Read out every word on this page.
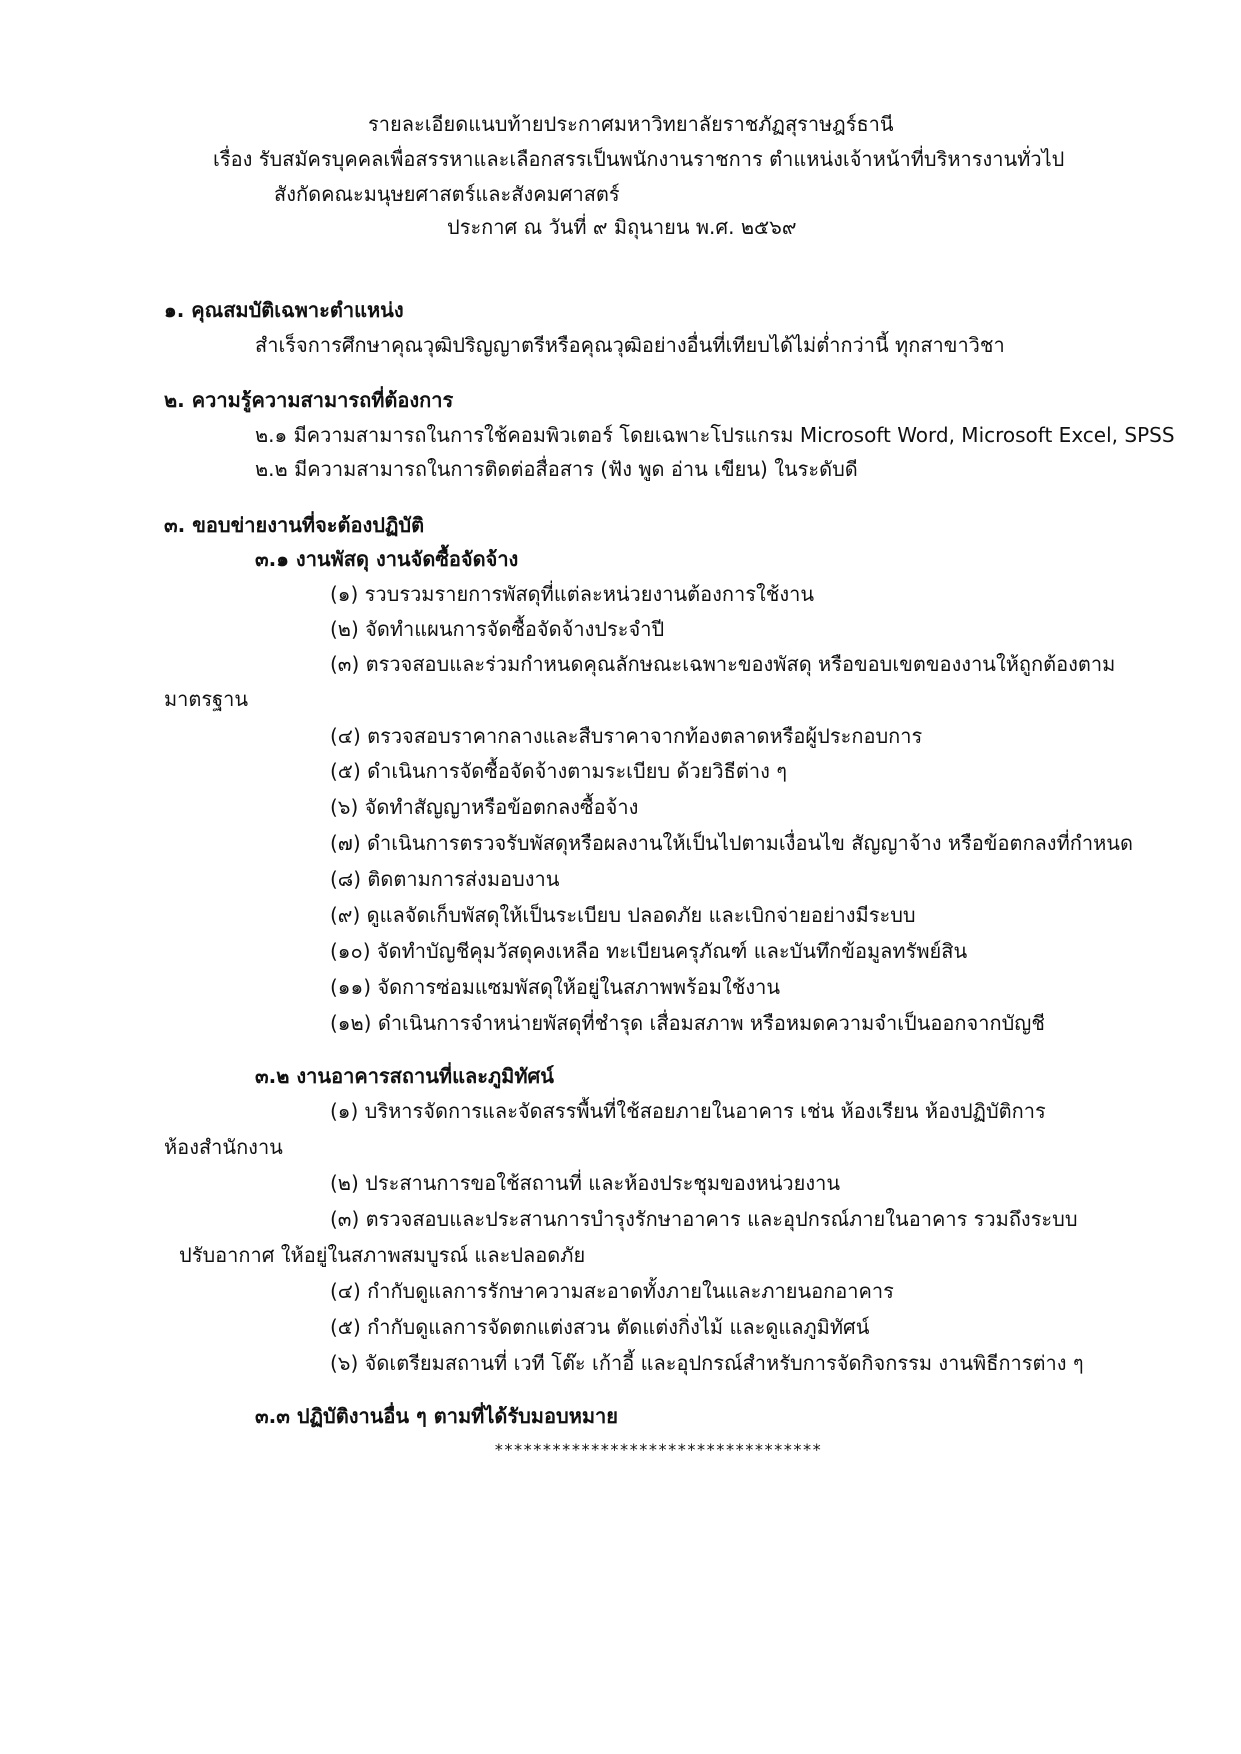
รายละเอียดแนบท้ายประกาศมหาวิทยาลัยราชภัฏสุราษฎร์ธานี
เรื่อง รับสมัครบุคคลเพื่อสรรหาและเลือกสรรเป็นพนักงานราชการ ตำแหน่งเจ้าหน้าที่บริหารงานทั่วไป
สังกัดคณะมนุษยศาสตร์และสังคมศาสตร์
ประกาศ ณ วันที่ ๙ มิถุนายน พ.ศ. ๒๕๖๙
๑. คุณสมบัติเฉพาะตำแหน่ง
สำเร็จการศึกษาคุณวุฒิปริญญาตรีหรือคุณวุฒิอย่างอื่นที่เทียบได้ไม่ต่ำกว่านี้ ทุกสาขาวิชา
๒. ความรู้ความสามารถที่ต้องการ
๒.๑ มีความสามารถในการใช้คอมพิวเตอร์ โดยเฉพาะโปรแกรม Microsoft Word, Microsoft Excel, SPSS
๒.๒ มีความสามารถในการติดต่อสื่อสาร (ฟัง พูด อ่าน เขียน) ในระดับดี
๓. ขอบข่ายงานที่จะต้องปฏิบัติ
๓.๑ งานพัสดุ งานจัดซื้อจัดจ้าง
(๑) รวบรวมรายการพัสดุที่แต่ละหน่วยงานต้องการใช้งาน
(๒) จัดทำแผนการจัดซื้อจัดจ้างประจำปี
(๓) ตรวจสอบและร่วมกำหนดคุณลักษณะเฉพาะของพัสดุ หรือขอบเขตของงานให้ถูกต้องตาม
มาตรฐาน
(๔) ตรวจสอบราคากลางและสืบราคาจากท้องตลาดหรือผู้ประกอบการ
(๕) ดำเนินการจัดซื้อจัดจ้างตามระเบียบ ด้วยวิธีต่าง ๆ
(๖) จัดทำสัญญาหรือข้อตกลงซื้อจ้าง
(๗) ดำเนินการตรวจรับพัสดุหรือผลงานให้เป็นไปตามเงื่อนไข สัญญาจ้าง หรือข้อตกลงที่กำหนด
(๘) ติดตามการส่งมอบงาน
(๙) ดูแลจัดเก็บพัสดุให้เป็นระเบียบ ปลอดภัย และเบิกจ่ายอย่างมีระบบ
(๑๐) จัดทำบัญชีคุมวัสดุคงเหลือ ทะเบียนครุภัณฑ์ และบันทึกข้อมูลทรัพย์สิน
(๑๑) จัดการซ่อมแซมพัสดุให้อยู่ในสภาพพร้อมใช้งาน
(๑๒) ดำเนินการจำหน่ายพัสดุที่ชำรุด เสื่อมสภาพ หรือหมดความจำเป็นออกจากบัญชี
๓.๒ งานอาคารสถานที่และภูมิทัศน์
(๑) บริหารจัดการและจัดสรรพื้นที่ใช้สอยภายในอาคาร เช่น ห้องเรียน ห้องปฏิบัติการ
ห้องสำนักงาน
(๒) ประสานการขอใช้สถานที่ และห้องประชุมของหน่วยงาน
(๓) ตรวจสอบและประสานการบำรุงรักษาอาคาร และอุปกรณ์ภายในอาคาร รวมถึงระบบ
ปรับอากาศ ให้อยู่ในสภาพสมบูรณ์ และปลอดภัย
(๔) กำกับดูแลการรักษาความสะอาดทั้งภายในและภายนอกอาคาร
(๕) กำกับดูแลการจัดตกแต่งสวน ตัดแต่งกิ่งไม้ และดูแลภูมิทัศน์
(๖) จัดเตรียมสถานที่ เวที โต๊ะ เก้าอี้ และอุปกรณ์สำหรับการจัดกิจกรรม งานพิธีการต่าง ๆ
๓.๓ ปฏิบัติงานอื่น ๆ ตามที่ได้รับมอบหมาย
**********************************
